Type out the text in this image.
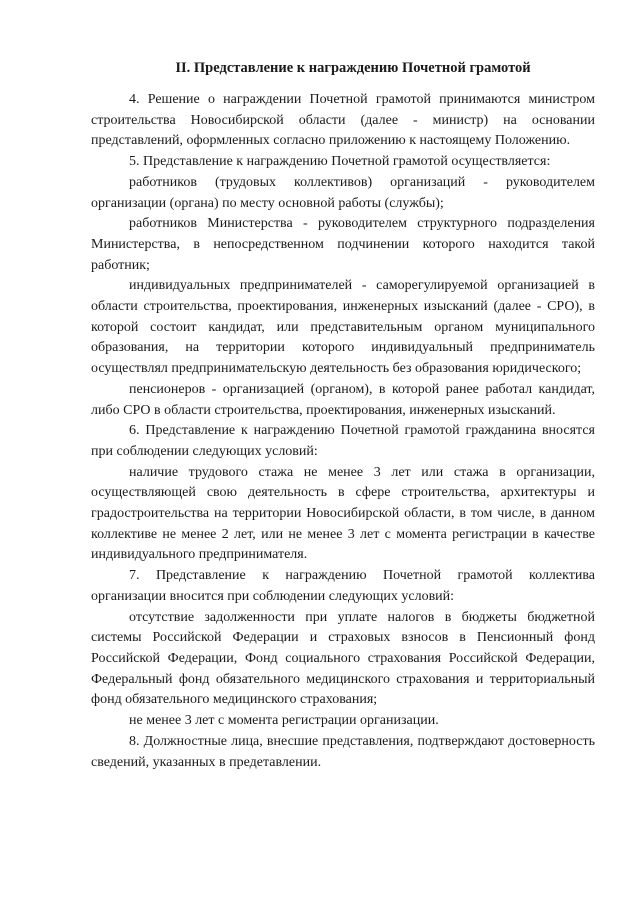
II. Представление к награждению Почетной грамотой

4. Решение о награждении Почетной грамотой принимаются министром строительства Новосибирской области (далее - министр) на основании представлений, оформленных согласно приложению к настоящему Положению.

5. Представление к награждению Почетной грамотой осуществляется:

работников (трудовых коллективов) организаций - руководителем организации (органа) по месту основной работы (службы);

работников Министерства - руководителем структурного подразделения Министерства, в непосредственном подчинении которого находится такой работник;

индивидуальных предпринимателей - саморегулируемой организацией в области строительства, проектирования, инженерных изысканий (далее - СРО), в которой состоит кандидат, или представительным органом муниципального образования, на территории которого индивидуальный предприниматель осуществлял предпринимательскую деятельность без образования юридического;

пенсионеров - организацией (органом), в которой ранее работал кандидат, либо СРО в области строительства, проектирования, инженерных изысканий.

6. Представление к награждению Почетной грамотой гражданина вносятся при соблюдении следующих условий:

наличие трудового стажа не менее 3 лет или стажа в организации, осуществляющей свою деятельность в сфере строительства, архитектуры и градостроительства на территории Новосибирской области, в том числе, в данном коллективе не менее 2 лет, или не менее 3 лет с момента регистрации в качестве индивидуального предпринимателя.

7. Представление к награждению Почетной грамотой коллектива организации вносится при соблюдении следующих условий:

отсутствие задолженности при уплате налогов в бюджеты бюджетной системы Российской Федерации и страховых взносов в Пенсионный фонд Российской Федерации, Фонд социального страхования Российской Федерации, Федеральный фонд обязательного медицинского страхования и территориальный фонд обязательного медицинского страхования;

не менее 3 лет с момента регистрации организации.

8. Должностные лица, внесшие представления, подтверждают достоверность сведений, указанных в предетавлении.
